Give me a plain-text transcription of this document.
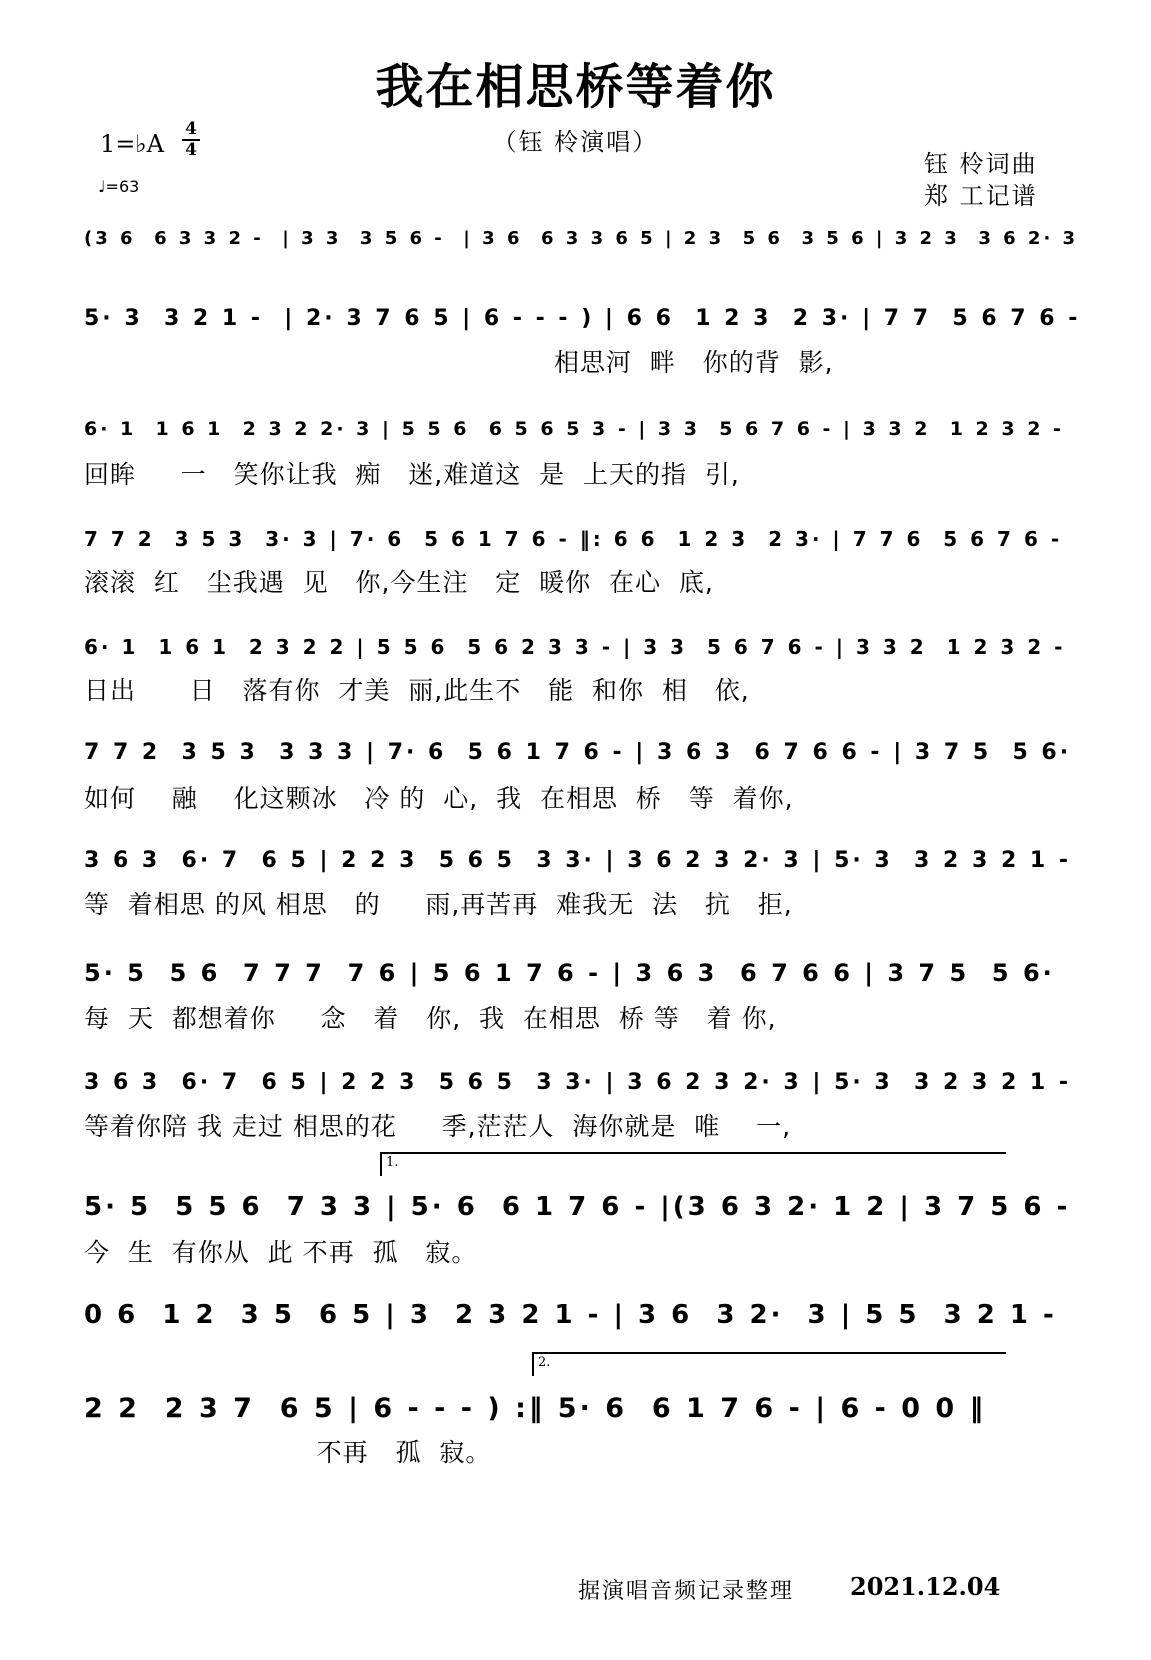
我在相思桥等着你
（钰 柃演唱）
1=♭A
4
4
♩=63
钰 柃词曲
郑 工记谱
(3 6  6 3 3 2 -  | 3 3  3 5 6 -  | 3 6  6 3 3 6 5 | 2 3  5 6  3 5 6 | 3 2 3  3 6 2· 3
5· 3  3 2 1 -  | 2· 3 7 6 5 | 6 - - - ) | 6 6  1 2 3  2 3· | 7 7  5 6 7 6 -
相思河  畔   你的背  影,
6· 1  1 6 1  2 3 2 2· 3 | 5 5 6  6 5 6 5 3 - | 3 3  5 6 7 6 - | 3 3 2  1 2 3 2 -
回眸     一   笑你让我  痴   迷,难道这  是  上天的指  引,
7 7 2  3 5 3  3· 3 | 7· 6  5 6 1 7 6 - ‖: 6 6  1 2 3  2 3· | 7 7 6  5 6 7 6 -
滚滚  红   尘我遇  见   你,今生注   定  暖你  在心  底,
6· 1  1 6 1  2 3 2 2 | 5 5 6  5 6 2 3 3 - | 3 3  5 6 7 6 - | 3 3 2  1 2 3 2 -
日出      日   落有你  才美  丽,此生不   能  和你  相   依,
7 7 2  3 5 3  3 3 3 | 7· 6  5 6 1 7 6 - | 3 6 3  6 7 6 6 - | 3 7 5  5 6·
如何    融    化这颗冰   冷 的  心,  我  在相思  桥   等  着你,
3 6 3  6· 7  6 5 | 2 2 3  5 6 5  3 3· | 3 6 2 3 2· 3 | 5· 3  3 2 3 2 1 -
等  着相思 的风 相思   的     雨,再苦再  难我无  法   抗   拒,
5· 5  5 6  7 7 7  7 6 | 5 6 1 7 6 - | 3 6 3  6 7 6 6 | 3 7 5  5 6·
每  天  都想着你     念   着   你,  我  在相思  桥 等   着 你,
3 6 3  6· 7  6 5 | 2 2 3  5 6 5  3 3· | 3 6 2 3 2· 3 | 5· 3  3 2 3 2 1 -
等着你陪 我 走过 相思的花     季,茫茫人  海你就是  唯    一,
1.
5· 5  5 5 6  7 3 3 | 5· 6  6 1 7 6 - |(3 6 3 2· 1 2 | 3 7 5 6 -
今  生  有你从  此 不再  孤   寂。
0 6  1 2  3 5  6 5 | 3  2 3 2 1 - | 3 6  3 2·  3 | 5 5  3 2 1 -
2.
2 2  2 3 7  6 5 | 6 - - - ) :‖ 5· 6  6 1 7 6 - | 6 - 0 0 ‖
不再   孤  寂。
据演唱音频记录整理 2021.12.04
